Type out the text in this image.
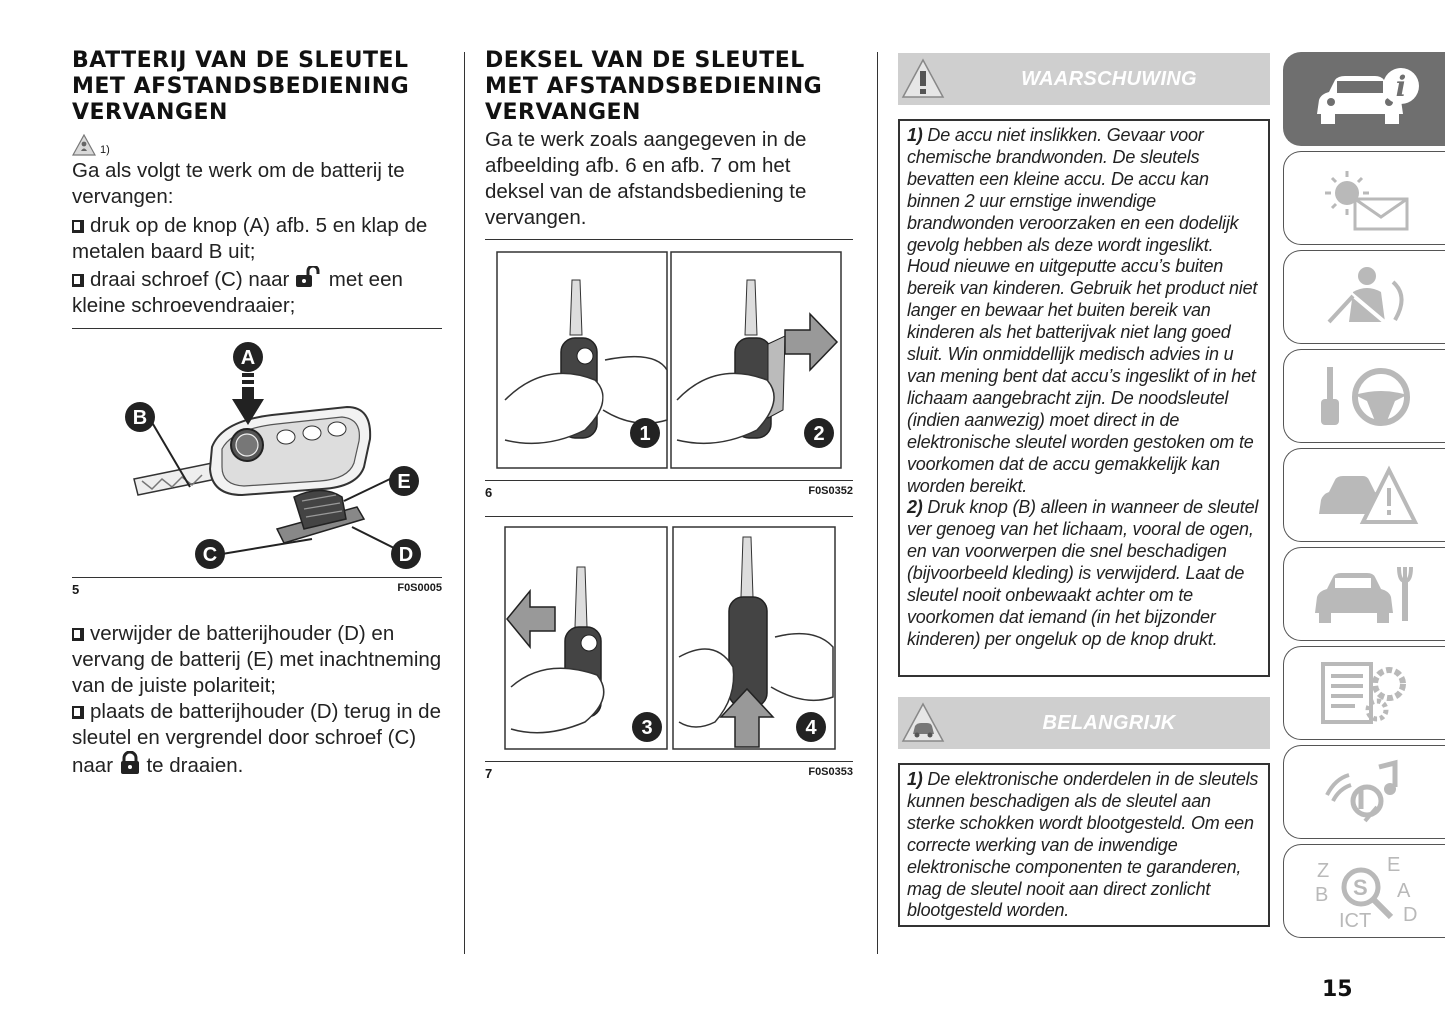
BATTERIJ VAN DE SLEUTEL MET AFSTANDSBEDIENING VERVANGEN
1)

Ga als volgt te werk om de batterij te vervangen:

druk op de knop (A) afb. 5 en klap de metalen baard B uit;

draai schroef (C) naar met een kleine schroevendraaier;

A
B
C	D
E
5	F0S0005

verwijder de batterijhouder (D) en vervang de batterij (E) met inachtneming van de juiste polariteit;

plaats de batterijhouder (D) terug in de sleutel en vergrendel door schroef (C) naar te draaien.

DEKSEL VAN DE SLEUTEL MET AFSTANDSBEDIENING VERVANGEN

Ga te werk zoals aangegeven in de afbeelding afb. 6 en afb. 7 om het deksel van de afstandsbediening te vervangen.

1	2
6	F0S0352
3	4
7	F0S0353
WAARSCHUWING

1) De accu niet inslikken. Gevaar voor chemische brandwonden. De sleutels bevatten een kleine accu. De accu kan binnen 2 uur ernstige inwendige brandwonden veroorzaken en een dodelijk gevolg hebben als deze wordt ingeslikt. Houd nieuwe en uitgeputte accu’s buiten bereik van kinderen. Gebruik het product niet langer en bewaar het buiten bereik van kinderen als het batterijvak niet lang goed sluit. Win onmiddellijk medisch advies in u van mening bent dat accu’s ingeslikt of in het lichaam aangebracht zijn. De noodsleutel (indien aanwezig) moet direct in de elektronische sleutel worden gestoken om te voorkomen dat de accu gemakkelijk kan worden bereikt.

2) Druk knop (B) alleen in wanneer de sleutel ver genoeg van het lichaam, vooral de ogen, en van voorwerpen die snel beschadigen (bijvoorbeeld kleding) is verwijderd. Laat de sleutel nooit onbewaakt achter om te voorkomen dat iemand (in het bijzonder kinderen) per ongeluk op de knop drukt.

BELANGRIJK

1) De elektronische onderdelen in de sleutels kunnen beschadigen als de sleutel aan sterke schokken wordt blootgesteld. Om een correcte werking van de inwendige elektronische componenten te garanderen, mag de sleutel nooit aan direct zonlicht blootgesteld worden.

i
Z	E
B	A
D
ICT
S
15
